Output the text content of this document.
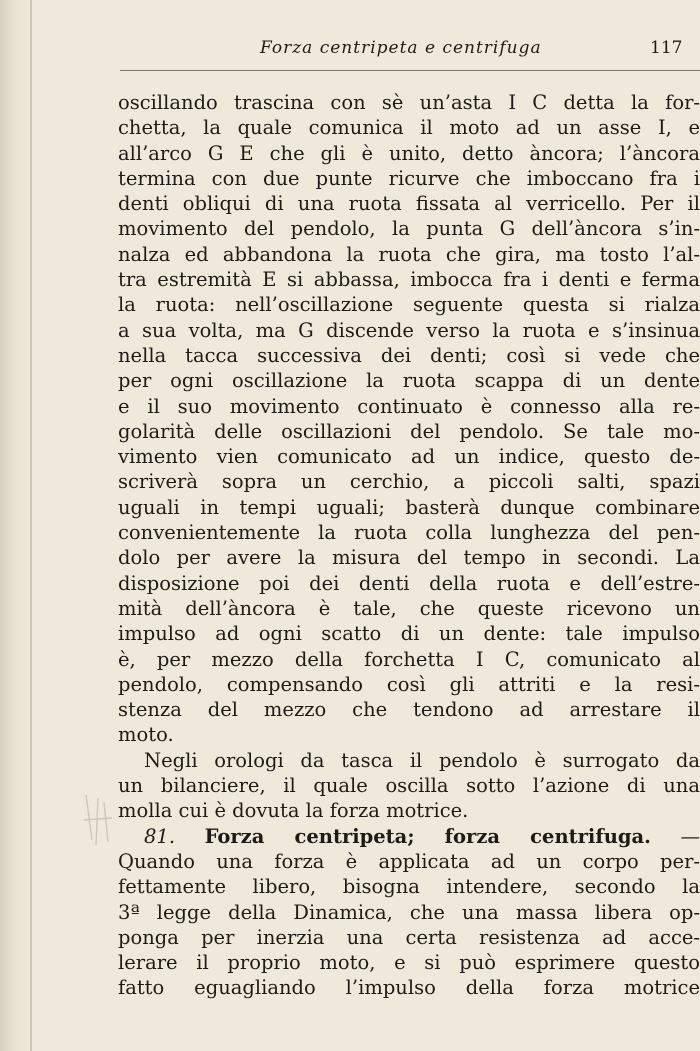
Forza centripeta e centrifuga	117
oscillando trascina con sè un’asta I C detta la for-
chetta, la quale comunica il moto ad un asse I, e
all’arco G E che gli è unito, detto àncora; l’àncora
termina con due punte ricurve che imboccano fra i
denti obliqui di una ruota fissata al verricello. Per il
movimento del pendolo, la punta G dell’àncora s’in-
nalza ed abbandona la ruota che gira, ma tosto l’al-
tra estremità E si abbassa, imbocca fra i denti e ferma
la ruota: nell’oscillazione seguente questa si rialza
a sua volta, ma G discende verso la ruota e s’insinua
nella tacca successiva dei denti; così si vede che
per ogni oscillazione la ruota scappa di un dente
e il suo movimento continuato è connesso alla re-
golarità delle oscillazioni del pendolo. Se tale mo-
vimento vien comunicato ad un indice, questo de-
scriverà sopra un cerchio, a piccoli salti, spazi
uguali in tempi uguali; basterà dunque combinare
convenientemente la ruota colla lunghezza del pen-
dolo per avere la misura del tempo in secondi. La
disposizione poi dei denti della ruota e dell’estre-
mità dell’àncora è tale, che queste ricevono un
impulso ad ogni scatto di un dente: tale impulso
è, per mezzo della forchetta I C, comunicato al
pendolo, compensando così gli attriti e la resi-
stenza del mezzo che tendono ad arrestare il
moto.
Negli orologi da tasca il pendolo è surrogato da
un bilanciere, il quale oscilla sotto l’azione di una
molla cui è dovuta la forza motrice.
81. Forza centripeta; forza centrifuga. —
Quando una forza è applicata ad un corpo per-
fettamente libero, bisogna intendere, secondo la
3ª legge della Dinamica, che una massa libera op-
ponga per inerzia una certa resistenza ad acce-
lerare il proprio moto, e si può esprimere questo
fatto eguagliando l’impulso della forza motrice
